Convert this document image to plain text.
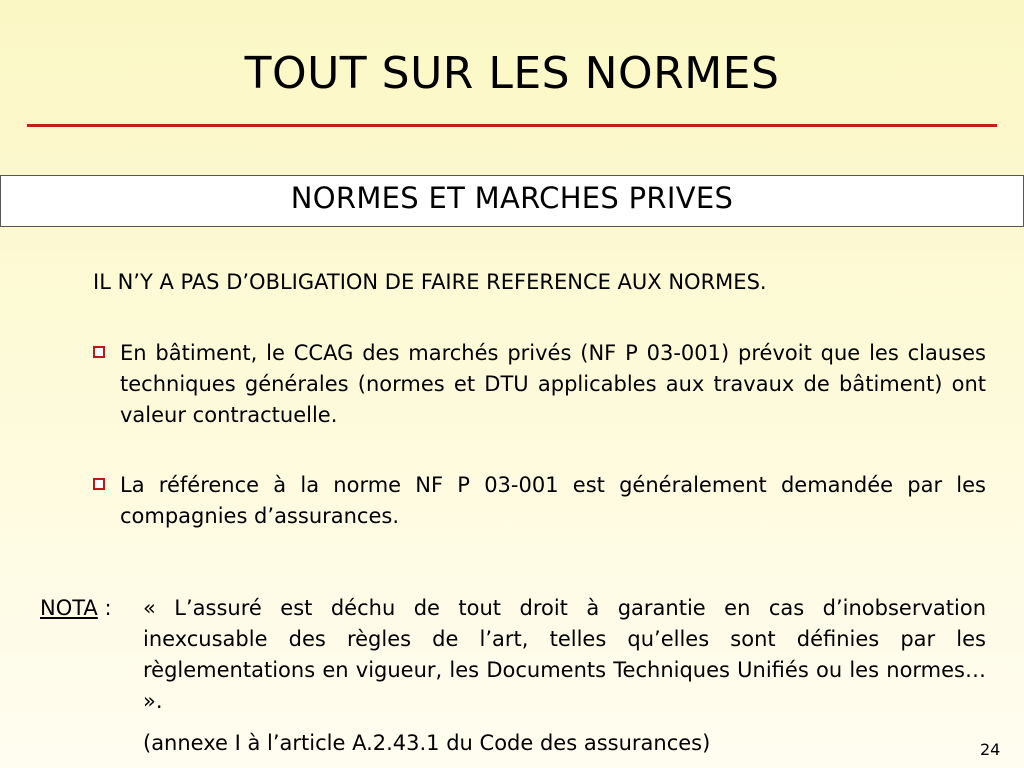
TOUT SUR LES NORMES
NORMES ET MARCHES PRIVES
IL N’Y A PAS D’OBLIGATION DE FAIRE REFERENCE AUX NORMES.
En bâtiment, le CCAG des marchés privés (NF P 03-001) prévoit que les clauses techniques générales (normes et DTU applicables aux travaux de bâtiment) ont valeur contractuelle.
La référence à la norme NF P 03-001 est généralement demandée par les compagnies d’assurances.
NOTA : « L’assuré est déchu de tout droit à garantie en cas d’inobservation inexcusable des règles de l’art, telles qu’elles sont définies par les règlementations en vigueur, les Documents Techniques Unifiés ou les normes… ».
(annexe I à l’article A.2.43.1 du Code des assurances)	24
